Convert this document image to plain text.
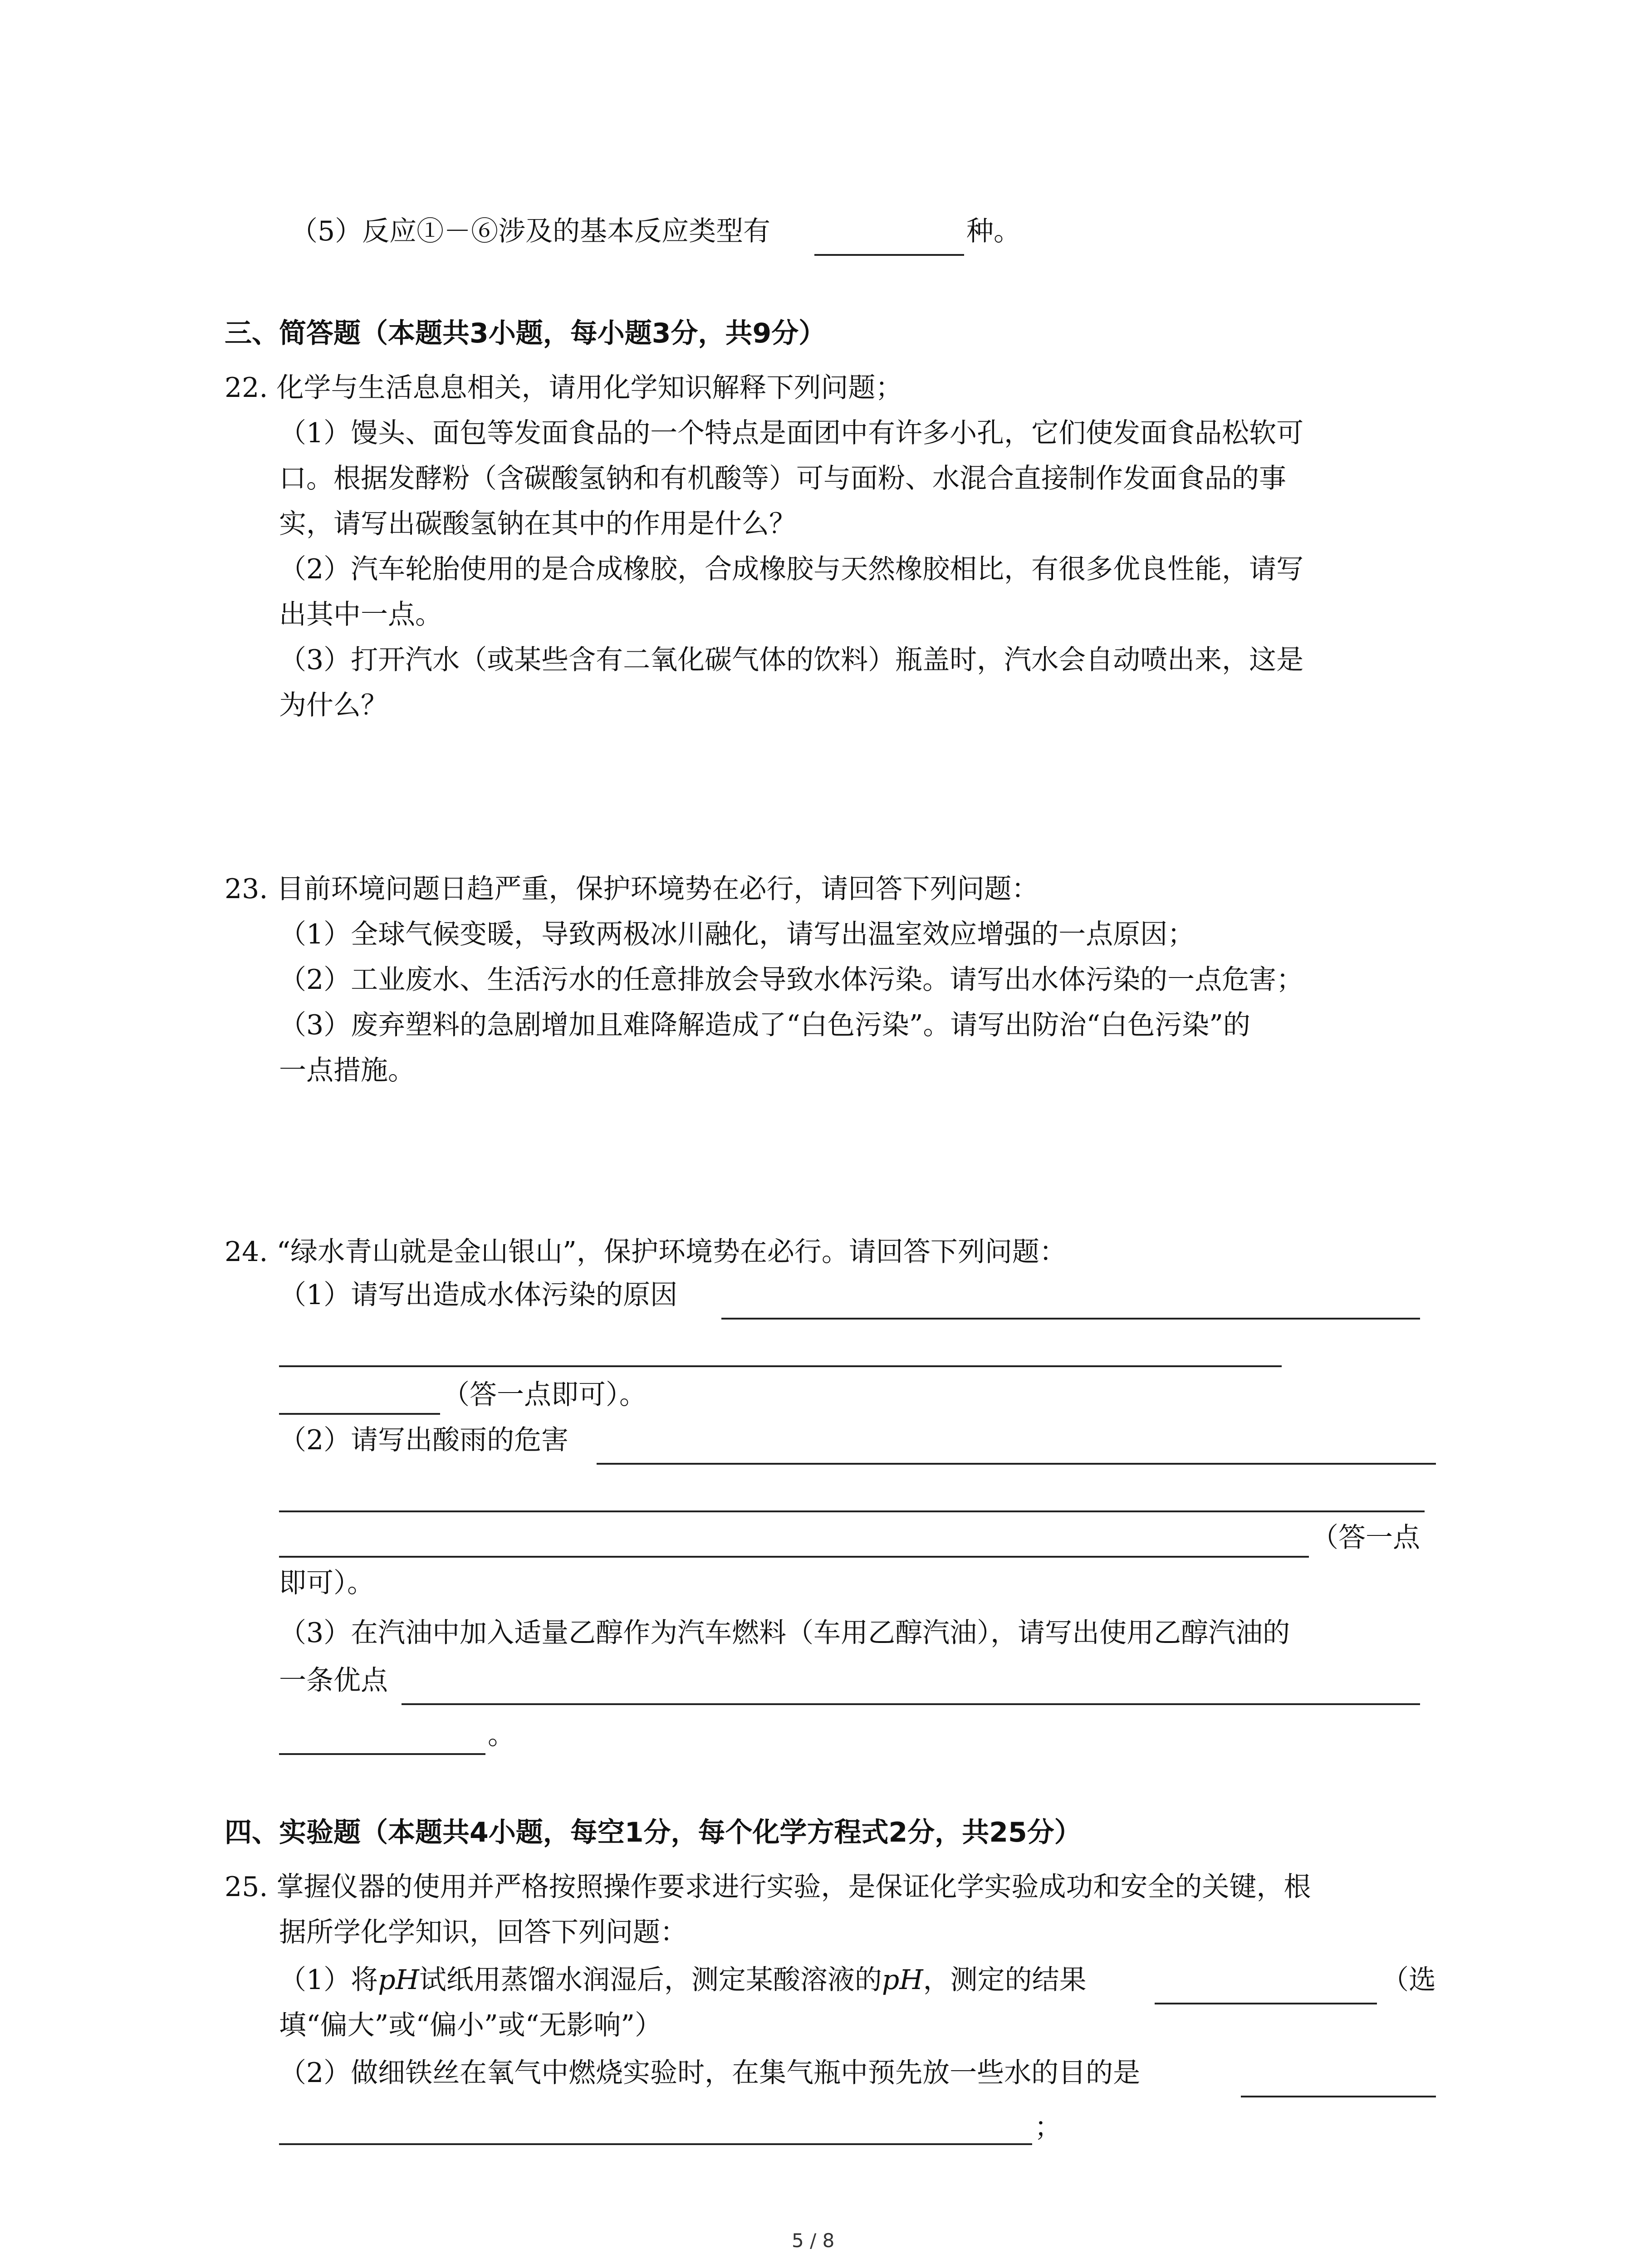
（5）反应①－⑥涉及的基本反应类型有	种。
三、简答题（本题共3小题，每小题3分，共9分）
22. 化学与生活息息相关，请用化学知识解释下列问题；
（1）馒头、面包等发面食品的一个特点是面团中有许多小孔，它们使发面食品松软可
口。根据发酵粉（含碳酸氢钠和有机酸等）可与面粉、水混合直接制作发面食品的事
实，请写出碳酸氢钠在其中的作用是什么？
（2）汽车轮胎使用的是合成橡胶，合成橡胶与天然橡胶相比，有很多优良性能，请写
出其中一点。
（3）打开汽水（或某些含有二氧化碳气体的饮料）瓶盖时，汽水会自动喷出来，这是
为什么？
23. 目前环境问题日趋严重，保护环境势在必行，请回答下列问题：
（1）全球气候变暖，导致两极冰川融化，请写出温室效应增强的一点原因；
（2）工业废水、生活污水的任意排放会导致水体污染。请写出水体污染的一点危害；
（3）废弃塑料的急剧增加且难降解造成了“白色污染”。请写出防治“白色污染”的
一点措施。
24. “绿水青山就是金山银山”，保护环境势在必行。请回答下列问题：
（1）请写出造成水体污染的原因
（答一点即可）。
（2）请写出酸雨的危害
（答一点
即可）。
（3）在汽油中加入适量乙醇作为汽车燃料（车用乙醇汽油），请写出使用乙醇汽油的
一条优点
。
四、实验题（本题共4小题，每空1分，每个化学方程式2分，共25分）
25. 掌握仪器的使用并严格按照操作要求进行实验，是保证化学实验成功和安全的关键，根
据所学化学知识，回答下列问题：
（1）将pH试纸用蒸馏水润湿后，测定某酸溶液的pH，测定的结果	（选
填“偏大”或“偏小”或“无影响”）
（2）做细铁丝在氧气中燃烧实验时，在集气瓶中预先放一些水的目的是
；
5 / 8
